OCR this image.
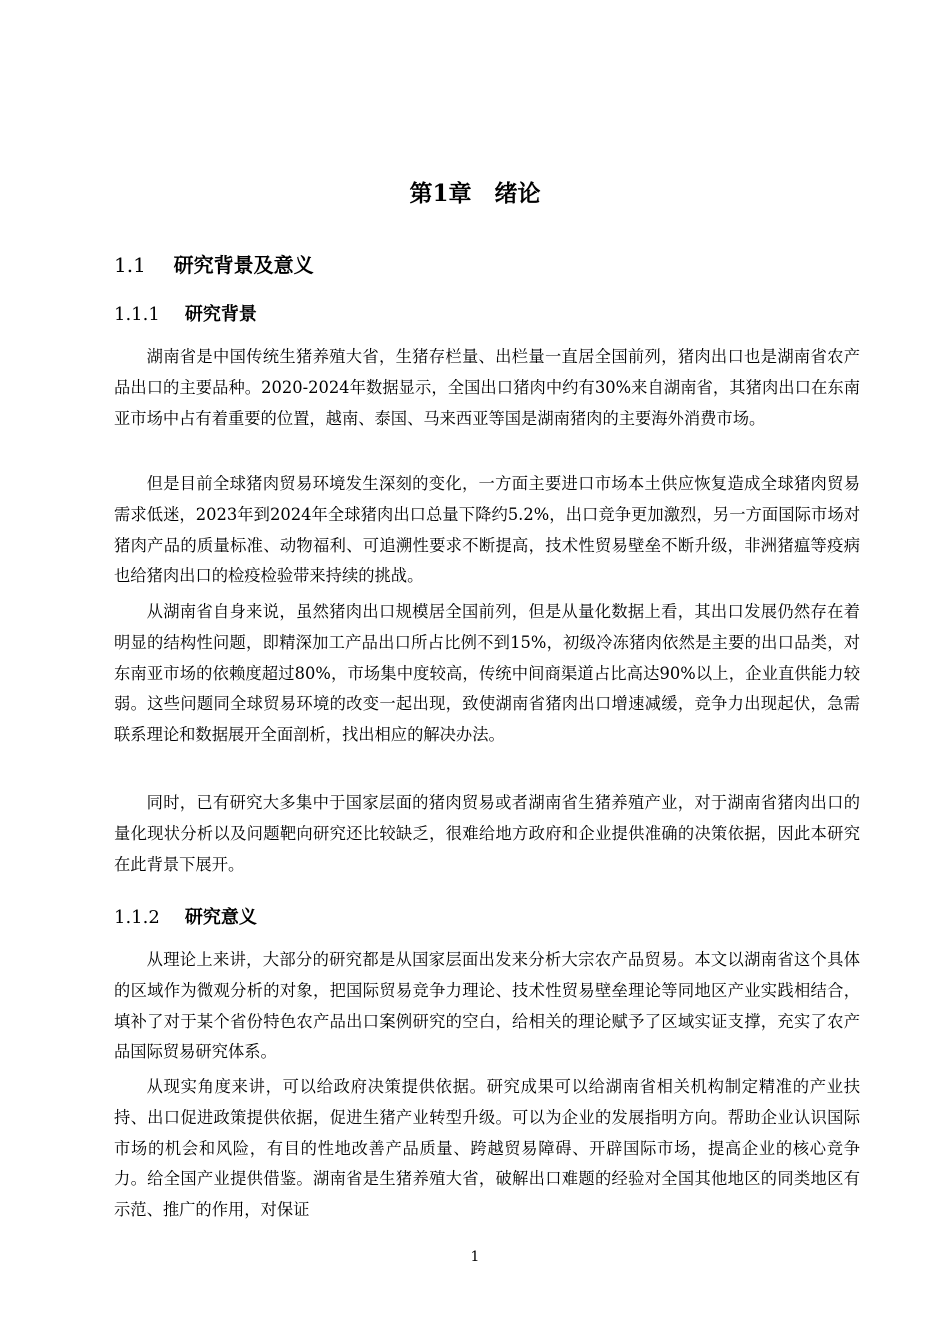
第1章　绪论
1.1 研究背景及意义
1.1.1 研究背景

湖南省是中国传统生猪养殖大省，生猪存栏量、出栏量一直居全国前列，猪肉出口也是湖南省农产品出口的主要品种。2020-2024年数据显示，全国出口猪肉中约有30%来自湖南省，其猪肉出口在东南亚市场中占有着重要的位置，越南、泰国、马来西亚等国是湖南猪肉的主要海外消费市场。

但是目前全球猪肉贸易环境发生深刻的变化，一方面主要进口市场本土供应恢复造成全球猪肉贸易需求低迷，2023年到2024年全球猪肉出口总量下降约5.2%，出口竞争更加激烈，另一方面国际市场对猪肉产品的质量标准、动物福利、可追溯性要求不断提高，技术性贸易壁垒不断升级，非洲猪瘟等疫病也给猪肉出口的检疫检验带来持续的挑战。

从湖南省自身来说，虽然猪肉出口规模居全国前列，但是从量化数据上看，其出口发展仍然存在着明显的结构性问题，即精深加工产品出口所占比例不到15%，初级冷冻猪肉依然是主要的出口品类，对东南亚市场的依赖度超过80%，市场集中度较高，传统中间商渠道占比高达90%以上，企业直供能力较弱。这些问题同全球贸易环境的改变一起出现，致使湖南省猪肉出口增速减缓，竞争力出现起伏，急需联系理论和数据展开全面剖析，找出相应的解决办法。

同时，已有研究大多集中于国家层面的猪肉贸易或者湖南省生猪养殖产业，对于湖南省猪肉出口的量化现状分析以及问题靶向研究还比较缺乏，很难给地方政府和企业提供准确的决策依据，因此本研究在此背景下展开。

1.1.2 研究意义

从理论上来讲，大部分的研究都是从国家层面出发来分析大宗农产品贸易。本文以湖南省这个具体的区域作为微观分析的对象，把国际贸易竞争力理论、技术性贸易壁垒理论等同地区产业实践相结合，填补了对于某个省份特色农产品出口案例研究的空白，给相关的理论赋予了区域实证支撑，充实了农产品国际贸易研究体系。

从现实角度来讲，可以给政府决策提供依据。研究成果可以给湖南省相关机构制定精准的产业扶持、出口促进政策提供依据，促进生猪产业转型升级。可以为企业的发展指明方向。帮助企业认识国际市场的机会和风险，有目的性地改善产品质量、跨越贸易障碍、开辟国际市场，提高企业的核心竞争力。给全国产业提供借鉴。湖南省是生猪养殖大省，破解出口难题的经验对全国其他地区的同类地区有示范、推广的作用，对保证

1
